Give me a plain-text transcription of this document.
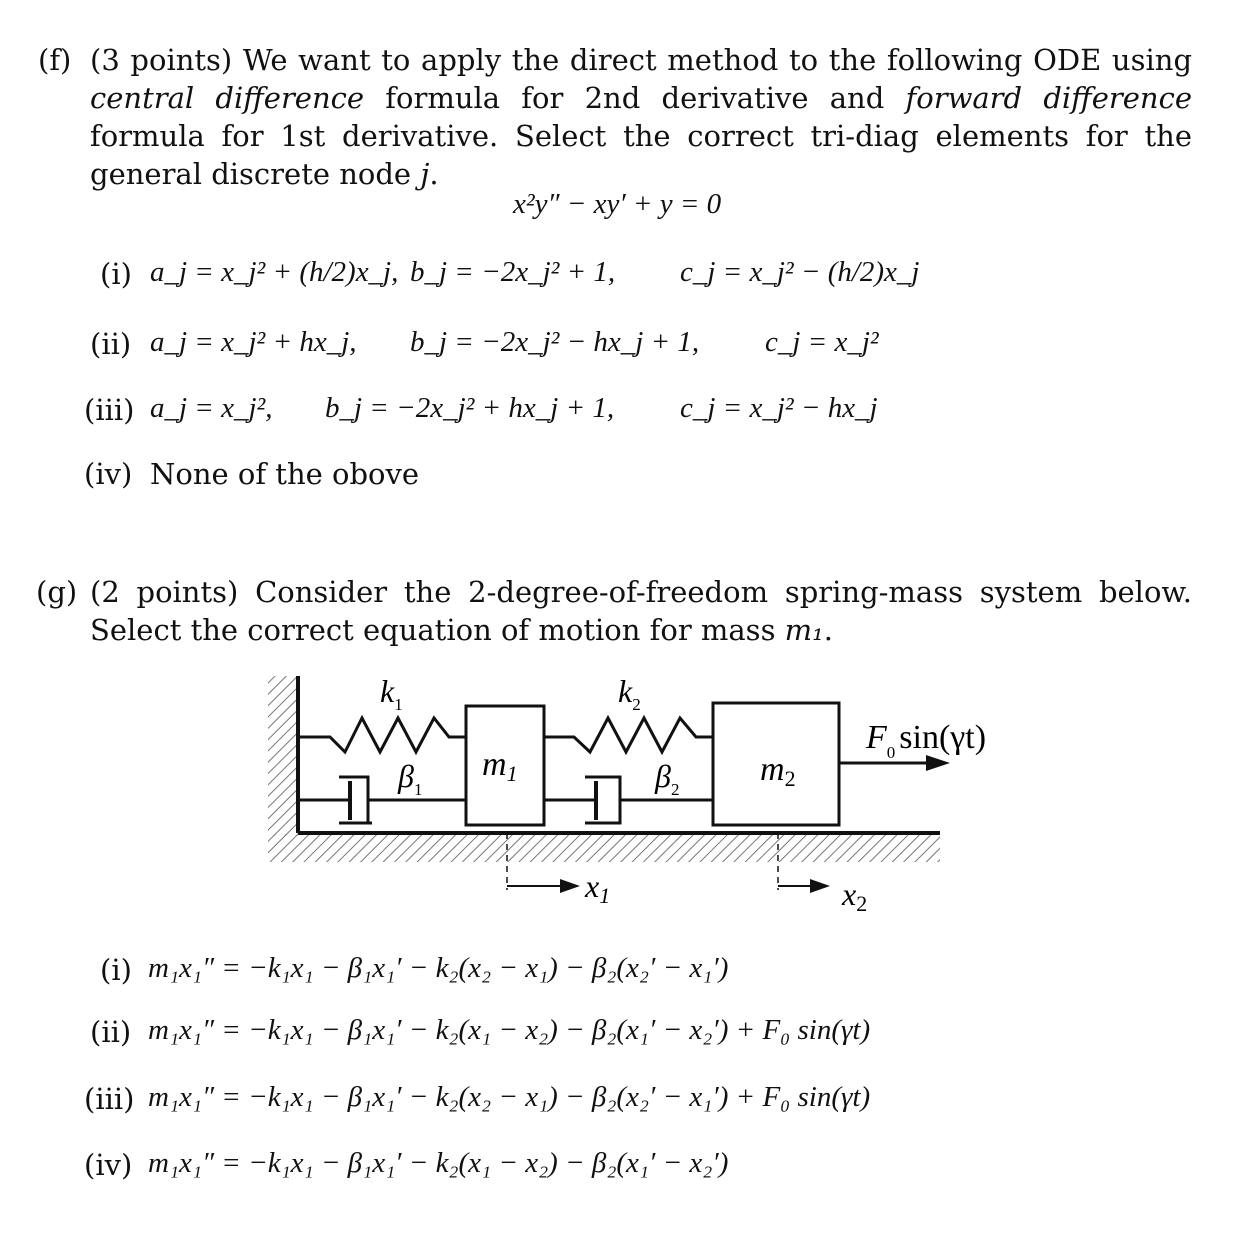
(f) (3 points) We want to apply the direct method to the following ODE using central difference formula for 2nd derivative and forward difference formula for 1st derivative. Select the correct tri-diag elements for the general discrete node j.
x²y″ − xy′ + y = 0
(i) a_j = x_j² + (h/2)x_j, b_j = −2x_j² + 1, c_j = x_j² − (h/2)x_j
(ii) a_j = x_j² + hx_j, b_j = −2x_j² − hx_j + 1, c_j = x_j²
(iii) a_j = x_j², b_j = −2x_j² + hx_j + 1, c_j = x_j² − hx_j
(iv) None of the obove
(g) (2 points) Consider the 2-degree-of-freedom spring-mass system below. Select the correct equation of motion for mass m₁.
$k_1$	$k_2$
$\beta_1$	$\beta_2$
m1	m2
$F_0$ sin(γt)
x1	x2
(i) m₁x₁″ = −k₁x₁ − β₁x₁′ − k₂(x₂ − x₁) − β₂(x₂′ − x₁′)
(ii) m₁x₁″ = −k₁x₁ − β₁x₁′ − k₂(x₁ − x₂) − β₂(x₁′ − x₂′) + F₀ sin(γt)
(iii) m₁x₁″ = −k₁x₁ − β₁x₁′ − k₂(x₂ − x₁) − β₂(x₂′ − x₁′) + F₀ sin(γt)
(iv) m₁x₁″ = −k₁x₁ − β₁x₁′ − k₂(x₁ − x₂) − β₂(x₁′ − x₂′)
